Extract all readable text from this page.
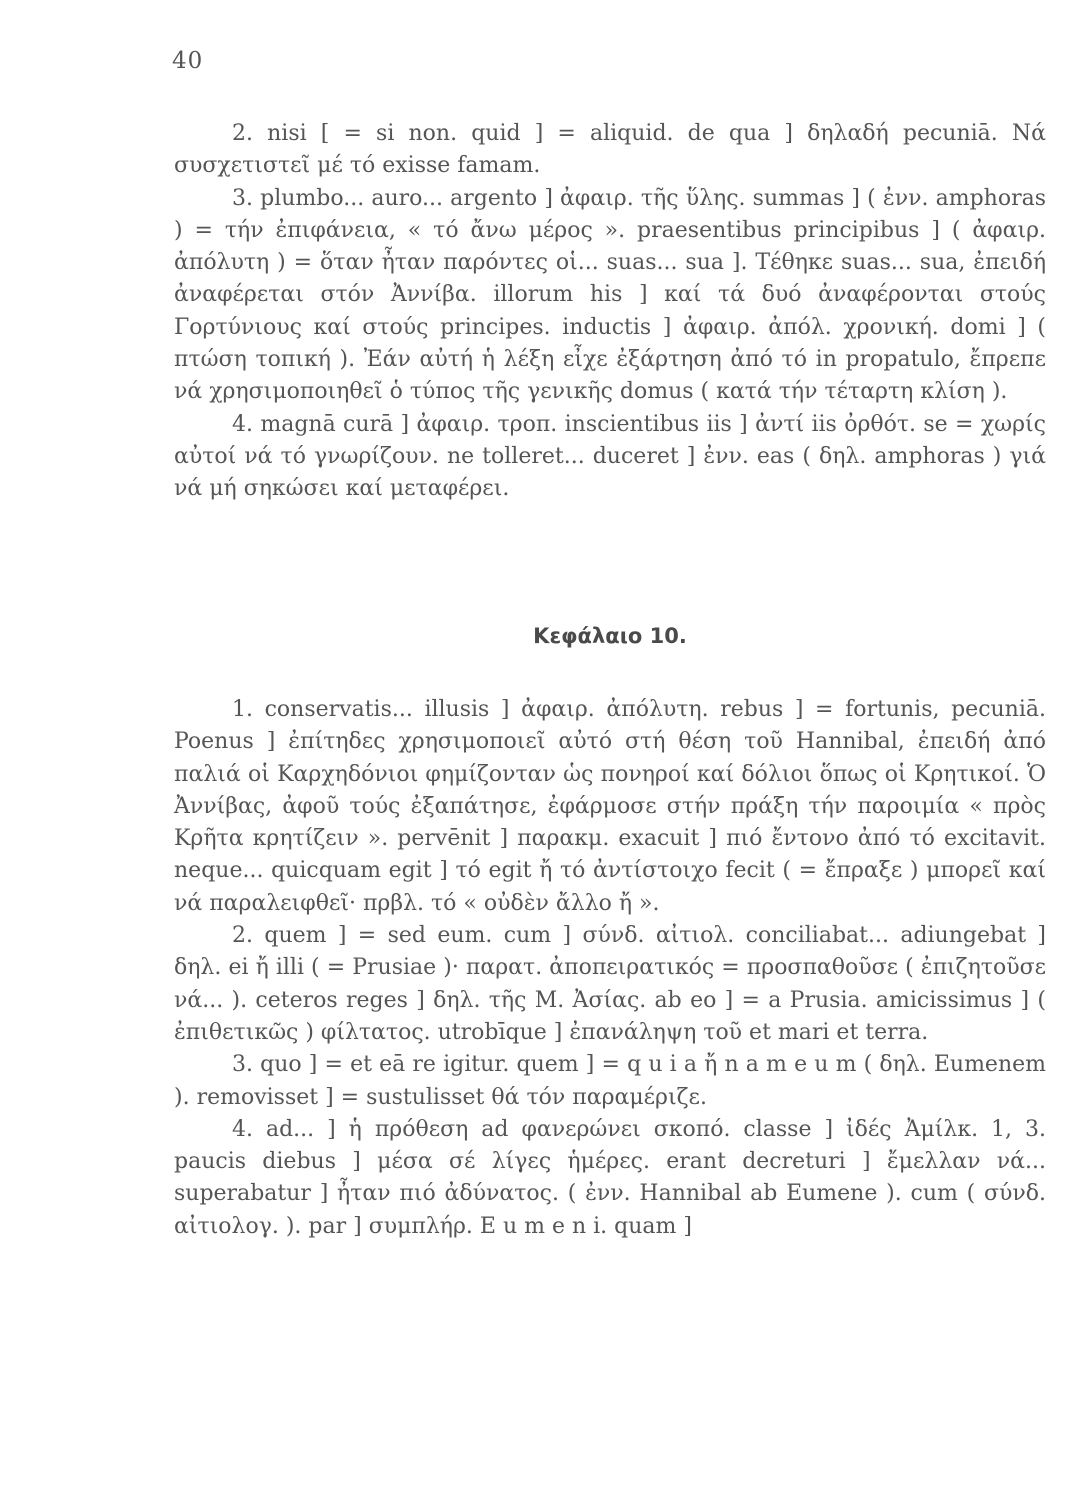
40

2. nisi [ = si non. quid ] = aliquid. de qua ] δηλαδή pecuniā. Νά συσχετιστεῖ μέ τό exisse famam.

3. plumbo... auro... argento ] ἀφαιρ. τῆς ὕλης. summas ] ( ἐνν. amphoras ) = τήν ἐπιφάνεια, « τό ἄνω μέρος ». praesentibus principibus ] ( ἀφαιρ. ἀπόλυτη ) = ὅταν ἦταν παρόντες οἱ... suas... sua ]. Τέθηκε suas... sua, ἐπειδή ἀναφέρεται στόν Ἀννίβα. illorum his ] καί τά δυό ἀναφέρονται στούς Γορτύνιους καί στούς principes. inductis ] ἀφαιρ. ἀπόλ. χρονική. domi ] ( πτώση τοπική ). Ἐάν αὐτή ἡ λέξη εἶχε ἐξάρτηση ἀπό τό in propatulo, ἔπρεπε νά χρησιμοποιηθεῖ ὁ τύπος τῆς γενικῆς domus ( κατά τήν τέταρτη κλίση ).

4. magnā curā ] ἀφαιρ. τροπ. inscientibus iis ] ἀντί iis ὀρθότ. se = χωρίς αὐτοί νά τό γνωρίζουν. ne tolleret... duceret ] ἐνν. eas ( δηλ. amphoras ) γιά νά μή σηκώσει καί μεταφέρει.

Κεφάλαιο 10.

1. conservatis... illusis ] ἀφαιρ. ἀπόλυτη. rebus ] = fortunis, pecuniā. Poenus ] ἐπίτηδες χρησιμοποιεῖ αὐτό στή θέση τοῦ Hannibal, ἐπειδή ἀπό παλιά οἱ Καρχηδόνιοι φημίζονταν ὡς πονηροί καί δόλιοι ὅπως οἱ Κρητικοί. Ὁ Ἀννίβας, ἀφοῦ τούς ἐξαπάτησε, ἐφάρμοσε στήν πράξη τήν παροιμία « πρὸς Κρῆτα κρητίζειν ». pervēnit ] παρακμ. exacuit ] πιό ἔντονο ἀπό τό excitavit. neque... quicquam egit ] τό egit ἤ τό ἀντίστοιχο fecit ( = ἔπραξε ) μπορεῖ καί νά παραλειφθεῖ· πρβλ. τό « οὐδὲν ἄλλο ἤ ».

2. quem ] = sed eum. cum ] σύνδ. αἰτιολ. conciliabat... adiungebat ] δηλ. ei ἤ illi ( = Prusiae )· παρατ. ἀποπειρατικός = προσπαθοῦσε ( ἐπιζητοῦσε νά... ). ceteros reges ] δηλ. τῆς Μ. Ἀσίας. ab eo ] = a Prusia. amicissimus ] ( ἐπιθετικῶς ) φίλτατος. utrobīque ] ἐπανάληψη τοῦ et mari et terra.

3. quo ] = et eā re igitur. quem ] = q u i a ἤ n a m e u m ( δηλ. Eumenem ). removisset ] = sustulisset θά τόν παραμέριζε.

4. ad... ] ἡ πρόθεση ad φανερώνει σκοπό. classe ] ἰδές Ἀμίλκ. 1, 3. paucis diebus ] μέσα σέ λίγες ἡμέρες. erant decreturi ] ἔμελλαν νά... superabatur ] ἦταν πιό ἀδύνατος. ( ἐνν. Hannibal ab Eumene ). cum ( σύνδ. αἰτιολογ. ). par ] συμπλήρ. E u m e n i. quam ]
